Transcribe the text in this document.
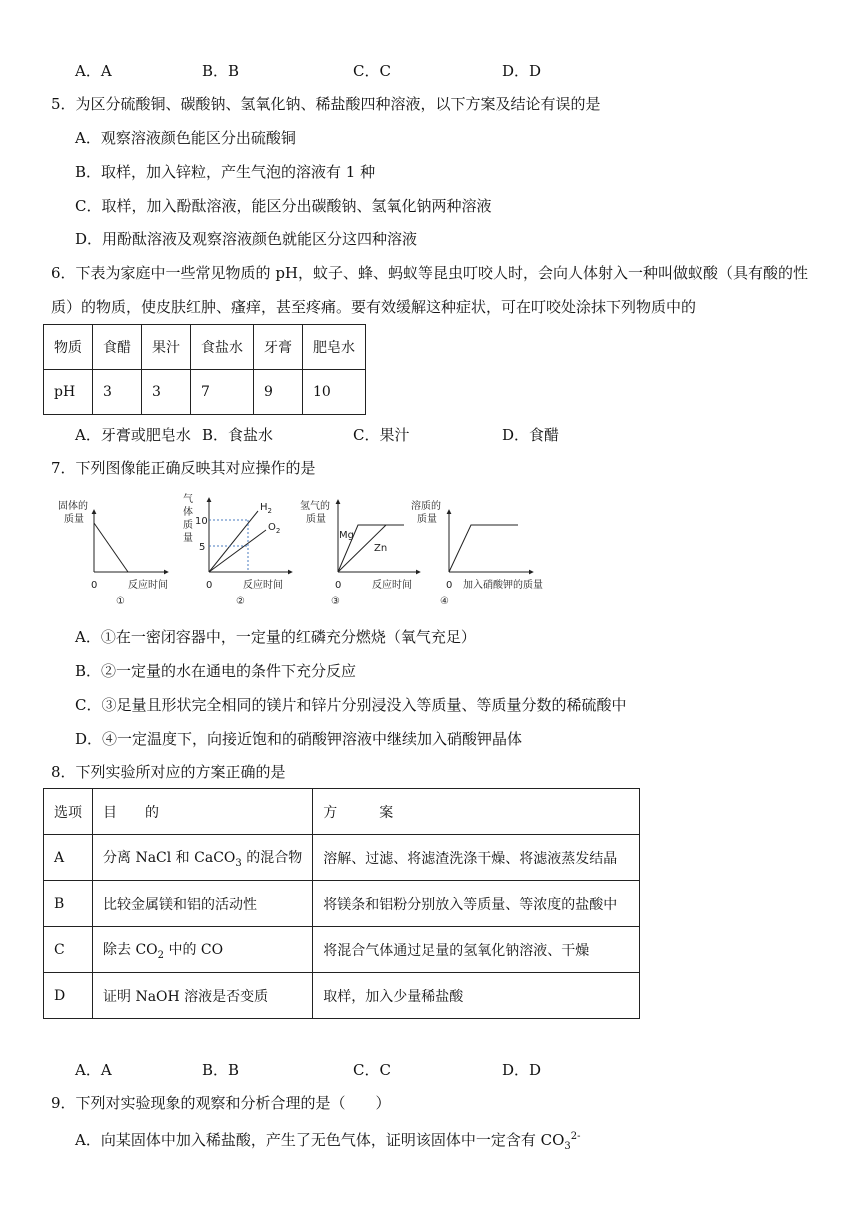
A．A	B．B	C．C	D．D
5．为区分硫酸铜、碳酸钠、氢氧化钠、稀盐酸四种溶液，以下方案及结论有误的是
A．观察溶液颜色能区分出硫酸铜
B．取样，加入锌粒，产生气泡的溶液有 1 种
C．取样，加入酚酞溶液，能区分出碳酸钠、氢氧化钠两种溶液
D．用酚酞溶液及观察溶液颜色就能区分这四种溶液
6．下表为家庭中一些常见物质的 pH，蚊子、蜂、蚂蚁等昆虫叮咬人时，会向人体射入一种叫做蚁酸（具有酸的性
质）的物质，使皮肤红肿、瘙痒，甚至疼痛。要有效缓解这种症状，可在叮咬处涂抹下列物质中的
物质	食醋	果汁	食盐水	牙膏	肥皂水
pH	3	3	7	9	10
A．牙膏或肥皂水 B．食盐水	C．果汁	D．食醋
7．下列图像能正确反映其对应操作的是
固体的
质量
0	反应时间
①
气
体
质
量
10
5
$H_2$
$O_2$
0	反应时间
②
氢气的
质量
Mg
Zn
0	反应时间
③
溶质的
质量
0 加入硝酸钾的质量
④
A．①在一密闭容器中，一定量的红磷充分燃烧（氧气充足）
B．②一定量的水在通电的条件下充分反应
C．③足量且形状完全相同的镁片和锌片分别浸没入等质量、等质量分数的稀硫酸中
D．④一定温度下，向接近饱和的硝酸钾溶液中继续加入硝酸钾晶体
8．下列实验所对应的方案正确的是
选项	目　　的	方　　　案
A	分离 NaCl 和 CaCO$_3$ 的混合物	溶解、过滤、将滤渣洗涤干燥、将滤液蒸发结晶
B	比较金属镁和铝的活动性	将镁条和铝粉分别放入等质量、等浓度的盐酸中
C	除去 $CO_2$ 中的 CO	将混合气体通过足量的氢氧化钠溶液、干燥
D	证明 NaOH 溶液是否变质	取样，加入少量稀盐酸
A．A	B．B	C．C	D．D
9．下列对实验现象的观察和分析合理的是（　　）
A．向某固体中加入稀盐酸，产生了无色气体，证明该固体中一定含有 $CO_3^{2-}$
